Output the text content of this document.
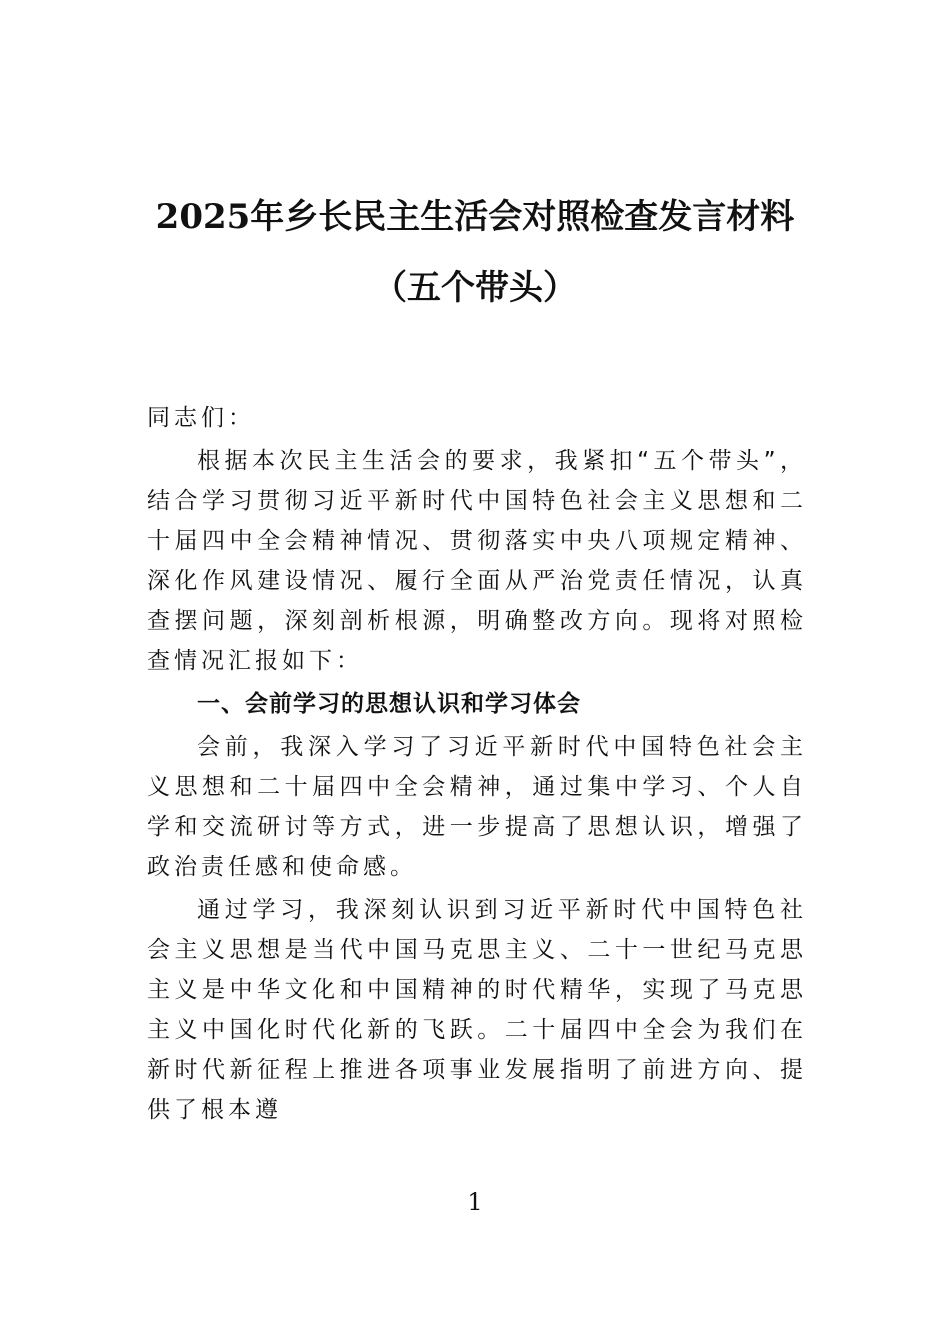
2025年乡长民主生活会对照检查发言材料
（五个带头）

同志们：

根据本次民主生活会的要求，我紧扣“五个带头”，结合学习贯彻习近平新时代中国特色社会主义思想和二十届四中全会精神情况、贯彻落实中央八项规定精神、深化作风建设情况、履行全面从严治党责任情况，认真查摆问题，深刻剖析根源，明确整改方向。现将对照检查情况汇报如下：

一、会前学习的思想认识和学习体会

会前，我深入学习了习近平新时代中国特色社会主义思想和二十届四中全会精神，通过集中学习、个人自学和交流研讨等方式，进一步提高了思想认识，增强了政治责任感和使命感。

通过学习，我深刻认识到习近平新时代中国特色社会主义思想是当代中国马克思主义、二十一世纪马克思主义是中华文化和中国精神的时代精华，实现了马克思主义中国化时代化新的飞跃。二十届四中全会为我们在新时代新征程上推进各项事业发展指明了前进方向、提供了根本遵

1
